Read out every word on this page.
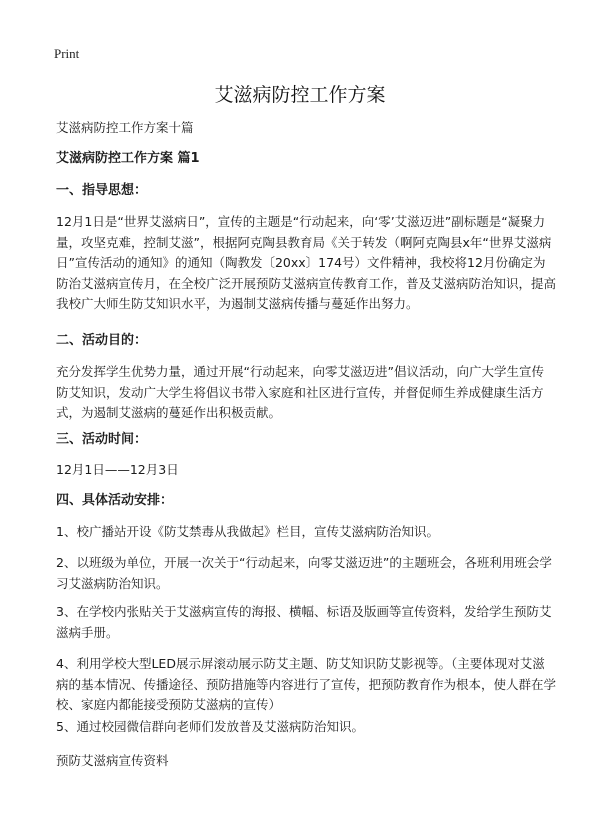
Print
艾滋病防控工作方案

艾滋病防控工作方案十篇

艾滋病防控工作方案 篇1

一、指导思想：

12月1日是“世界艾滋病日”，宣传的主题是“行动起来，向‘零’艾滋迈进”副标题是“凝聚力量，攻坚克难，控制艾滋”，根据阿克陶县教育局《关于转发（啊阿克陶县x年“世界艾滋病日”宣传活动的通知》的通知（陶教发〔20xx〕174号）文件精神，我校将12月份确定为防治艾滋病宣传月，在全校广泛开展预防艾滋病宣传教育工作，普及艾滋病防治知识，提高我校广大师生防艾知识水平，为遏制艾滋病传播与蔓延作出努力。

二、活动目的：

充分发挥学生优势力量，通过开展“行动起来，向零艾滋迈进”倡议活动，向广大学生宣传防艾知识，发动广大学生将倡议书带入家庭和社区进行宣传，并督促师生养成健康生活方式，为遏制艾滋病的蔓延作出积极贡献。

三、活动时间：

12月1日——12月3日

四、具体活动安排：

1、校广播站开设《防艾禁毒从我做起》栏目，宣传艾滋病防治知识。

2、以班级为单位，开展一次关于“行动起来，向零艾滋迈进”的主题班会，各班利用班会学习艾滋病防治知识。

3、在学校内张贴关于艾滋病宣传的海报、横幅、标语及版画等宣传资料，发给学生预防艾滋病手册。

4、利用学校大型LED展示屏滚动展示防艾主题、防艾知识防艾影视等。（主要体现对艾滋病的基本情况、传播途径、预防措施等内容进行了宣传，把预防教育作为根本，使人群在学校、家庭内都能接受预防艾滋病的宣传）

5、通过校园微信群向老师们发放普及艾滋病防治知识。

预防艾滋病宣传资料
